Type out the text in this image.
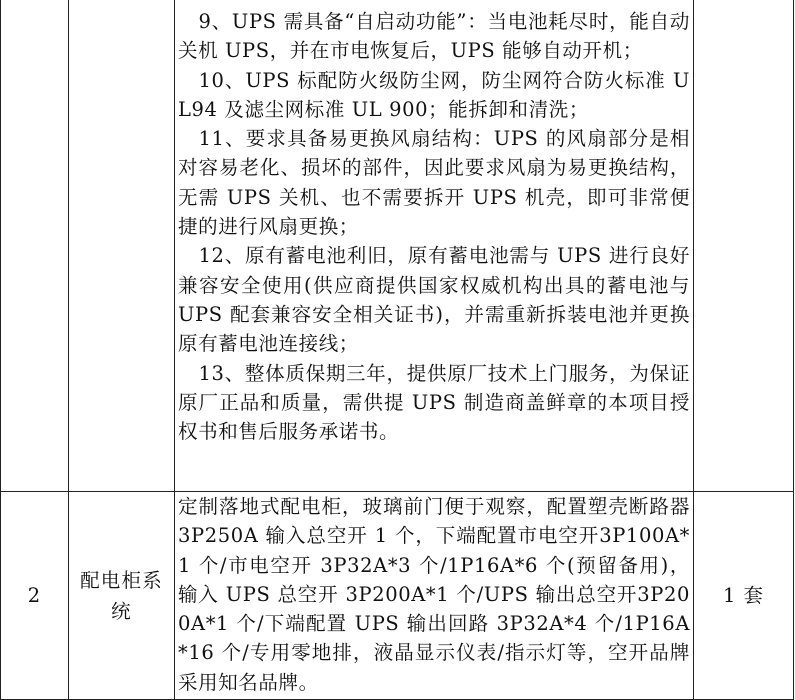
		9、UPS 需具备“自启动功能”：当电池耗尽时，能自动关机 UPS，并在市电恢复后，UPS 能够自动开机；

10、UPS 标配防火级防尘网，防尘网符合防火标准 UL94 及滤尘网标准 UL 900；能拆卸和清洗；

11、要求具备易更换风扇结构：UPS 的风扇部分是相对容易老化、损坏的部件，因此要求风扇为易更换结构，无需 UPS 关机、也不需要拆开 UPS 机壳，即可非常便捷的进行风扇更换；

12、原有蓄电池利旧，原有蓄电池需与 UPS 进行良好兼容安全使用(供应商提供国家权威机构出具的蓄电池与 UPS 配套兼容安全相关证书)，并需重新拆装电池并更换原有蓄电池连接线；

13、整体质保期三年，提供原厂技术上门服务，为保证原厂正品和质量，需供提 UPS 制造商盖鲜章的本项目授权书和售后服务承诺书。	

2	配电柜系统	定制落地式配电柜，玻璃前门便于观察，配置塑壳断路器 3P250A 输入总空开 1 个，下端配置市电空开3P100A*1 个/市电空开 3P32A*3 个/1P16A*6 个(预留备用)，输入 UPS 总空开 3P200A*1 个/UPS 输出总空开3P200A*1 个/下端配置 UPS 输出回路 3P32A*4 个/1P16A*16 个/专用零地排，液晶显示仪表/指示灯等，空开品牌采用知名品牌。	1 套
